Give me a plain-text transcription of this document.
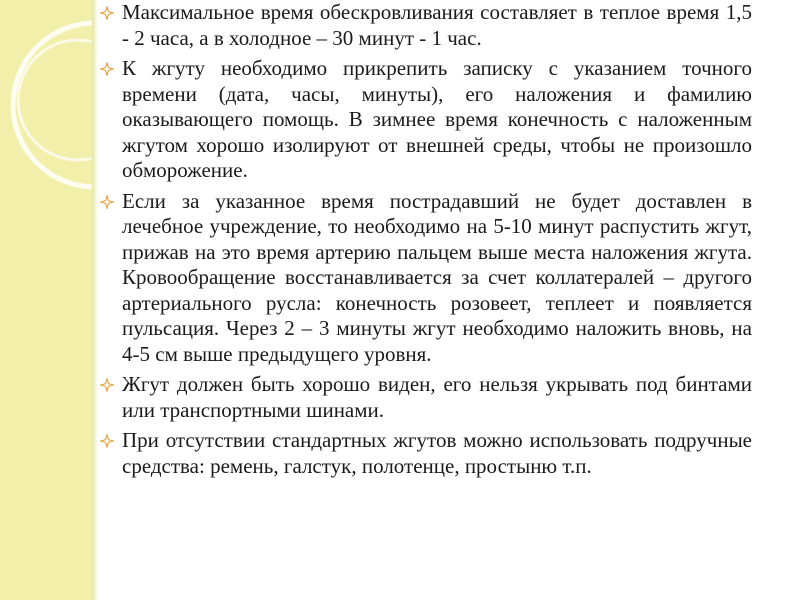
Максимальное время обескровливания составляет в теплое время 1,5 - 2 часа, а в холодное – 30 минут - 1 час.
К жгуту необходимо прикрепить записку с указанием точного времени (дата, часы, минуты), его наложения и фамилию оказывающего помощь. В зимнее время конечность с наложенным жгутом хорошо изолируют от внешней среды, чтобы не произошло обморожение.
Если за указанное время пострадавший не будет доставлен в лечебное учреждение, то необходимо на 5-10 минут распустить жгут, прижав на это время артерию пальцем выше места наложения жгута. Кровообращение восстанавливается за счет коллатералей – другого артериального русла: конечность розовеет, теплеет и появляется пульсация. Через 2 – 3 минуты жгут необходимо наложить вновь, на 4-5 см выше предыдущего уровня.
Жгут должен быть хорошо виден, его нельзя укрывать под бинтами или транспортными шинами.
При отсутствии стандартных жгутов можно использовать подручные средства: ремень, галстук, полотенце, простыню т.п.
